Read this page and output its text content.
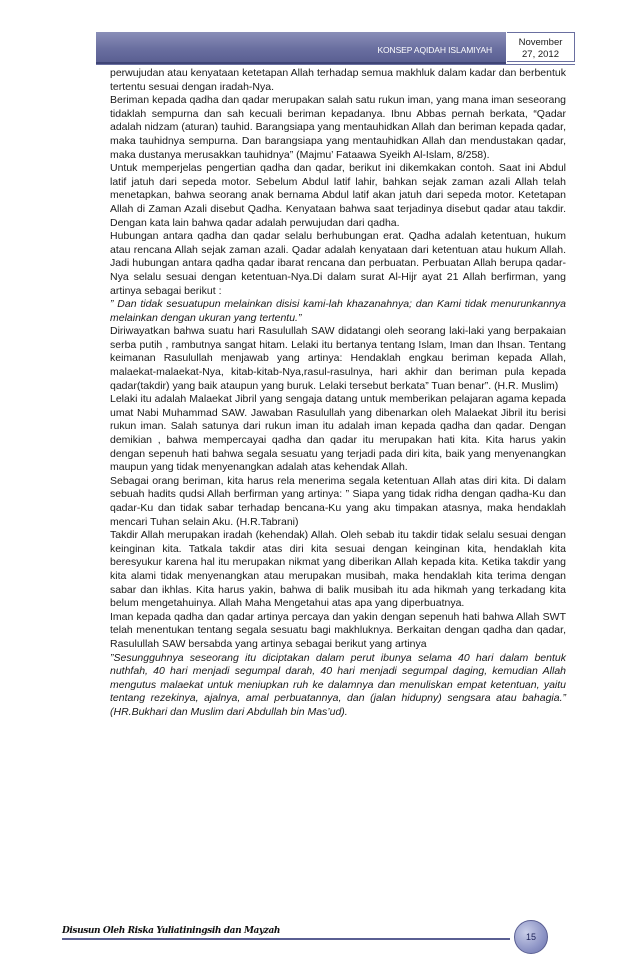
KONSEP AQIDAH ISLAMIYAH
November
27, 2012

perwujudan atau kenyataan ketetapan Allah terhadap semua makhluk dalam kadar dan berbentuk tertentu sesuai dengan iradah-Nya.

Beriman kepada qadha dan qadar merupakan salah satu rukun iman, yang mana iman seseorang tidaklah sempurna dan sah kecuali beriman kepadanya. Ibnu Abbas pernah berkata, “Qadar adalah nidzam (aturan) tauhid. Barangsiapa yang mentauhidkan Allah dan beriman kepada qadar, maka tauhidnya sempurna. Dan barangsiapa yang mentauhidkan Allah dan mendustakan qadar, maka dustanya merusakkan tauhidnya” (Majmu’ Fataawa Syeikh Al-Islam, 8/258).

Untuk memperjelas pengertian qadha dan qadar, berikut ini dikemkakan contoh. Saat ini Abdul latif jatuh dari sepeda motor. Sebelum Abdul latif lahir, bahkan sejak zaman azali Allah telah menetapkan, bahwa seorang anak bernama Abdul latif akan jatuh dari sepeda motor. Ketetapan Allah di Zaman Azali disebut Qadha. Kenyataan bahwa saat terjadinya disebut qadar atau takdir. Dengan kata lain bahwa qadar adalah perwujudan dari qadha.

Hubungan antara qadha dan qadar selalu berhubungan erat. Qadha adalah ketentuan, hukum atau rencana Allah sejak zaman azali. Qadar adalah kenyataan dari ketentuan atau hukum Allah. Jadi hubungan antara qadha qadar ibarat rencana dan perbuatan. Perbuatan Allah berupa qadar-Nya selalu sesuai dengan ketentuan-Nya.Di dalam surat Al-Hijr ayat 21 Allah berfirman, yang artinya sebagai berikut :

” Dan tidak sesuatupun melainkan disisi kami-lah khazanahnya; dan Kami tidak menurunkannya melainkan dengan ukuran yang tertentu.”

Diriwayatkan bahwa suatu hari Rasulullah SAW didatangi oleh seorang laki-laki yang berpakaian serba putih , rambutnya sangat hitam. Lelaki itu bertanya tentang Islam, Iman dan Ihsan. Tentang keimanan Rasulullah menjawab yang artinya: Hendaklah engkau beriman kepada Allah, malaekat-malaekat-Nya, kitab-kitab-Nya,rasul-rasulnya, hari akhir dan beriman pula kepada qadar(takdir) yang baik ataupun yang buruk. Lelaki tersebut berkata” Tuan benar”. (H.R. Muslim)

Lelaki itu adalah Malaekat Jibril yang sengaja datang untuk memberikan pelajaran agama kepada umat Nabi Muhammad SAW. Jawaban Rasulullah yang dibenarkan oleh Malaekat Jibril itu berisi rukun iman. Salah satunya dari rukun iman itu adalah iman kepada qadha dan qadar. Dengan demikian , bahwa mempercayai qadha dan qadar itu merupakan hati kita. Kita harus yakin dengan sepenuh hati bahwa segala sesuatu yang terjadi pada diri kita, baik yang menyenangkan maupun yang tidak menyenangkan adalah atas kehendak Allah.

Sebagai orang beriman, kita harus rela menerima segala ketentuan Allah atas diri kita. Di dalam sebuah hadits qudsi Allah berfirman yang artinya: ” Siapa yang tidak ridha dengan qadha-Ku dan qadar-Ku dan tidak sabar terhadap bencana-Ku yang aku timpakan atasnya, maka hendaklah mencari Tuhan selain Aku. (H.R.Tabrani)

Takdir Allah merupakan iradah (kehendak) Allah. Oleh sebab itu takdir tidak selalu sesuai dengan keinginan kita. Tatkala takdir atas diri kita sesuai dengan keinginan kita, hendaklah kita beresyukur karena hal itu merupakan nikmat yang diberikan Allah kepada kita. Ketika takdir yang kita alami tidak menyenangkan atau merupakan musibah, maka hendaklah kita terima dengan sabar dan ikhlas. Kita harus yakin, bahwa di balik musibah itu ada hikmah yang terkadang kita belum mengetahuinya. Allah Maha Mengetahui atas apa yang diperbuatnya.

Iman kepada qadha dan qadar artinya percaya dan yakin dengan sepenuh hati bahwa Allah SWT telah menentukan tentang segala sesuatu bagi makhluknya. Berkaitan dengan qadha dan qadar, Rasulullah SAW bersabda yang artinya sebagai berikut yang artinya

”Sesungguhnya seseorang itu diciptakan dalam perut ibunya selama 40 hari dalam bentuk nuthfah, 40 hari menjadi segumpal darah, 40 hari menjadi segumpal daging, kemudian Allah mengutus malaekat untuk meniupkan ruh ke dalamnya dan menuliskan empat ketentuan, yaitu tentang rezekinya, ajalnya, amal perbuatannya, dan (jalan hidupny) sengsara atau bahagia.” (HR.Bukhari dan Muslim dari Abdullah bin Mas’ud).

Disusun Oleh Riska Yuliatiningsih dan Mayzah
15
